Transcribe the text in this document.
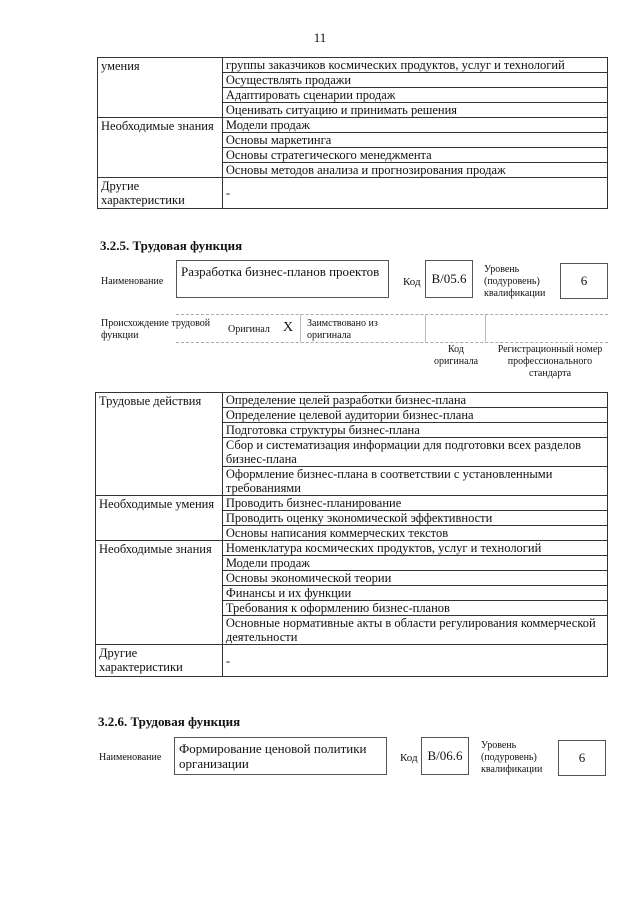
11
умения	группы заказчиков космических продуктов, услуг и технологий
	Осуществлять продажи
	Адаптировать сценарии продаж
	Оценивать ситуацию и принимать решения
Необходимые знания	Модели продаж
	Основы маркетинга
	Основы стратегического менеджмента
	Основы методов анализа и прогнозирования продаж
Другие характеристики	-
3.2.5. Трудовая функция
Наименование
Разработка бизнес-планов проектов
Код B/05.6
Уровень (подуровень) квалификации
6
Происхождение трудовой функции
Оригинал X Заимствовано из оригинала
Код оригинала
Регистрационный номер профессионального стандарта
Трудовые действия	Определение целей разработки бизнес-плана
	Определение целевой аудитории бизнес-плана
	Подготовка структуры бизнес-плана
	Сбор и систематизация информации для подготовки всех разделов бизнес-плана
	Оформление бизнес-плана в соответствии с установленными требованиями
Необходимые умения	Проводить бизнес-планирование
	Проводить оценку экономической эффективности
	Основы написания коммерческих текстов
Необходимые знания	Номенклатура космических продуктов, услуг и технологий
	Модели продаж
	Основы экономической теории
	Финансы и их функции
	Требования к оформлению бизнес-планов
	Основные нормативные акты в области регулирования коммерческой деятельности
Другие характеристики	-
3.2.6. Трудовая функция
Наименование
Формирование ценовой политики организации	Код B/06.6
Уровень (подуровень) квалификации
6
